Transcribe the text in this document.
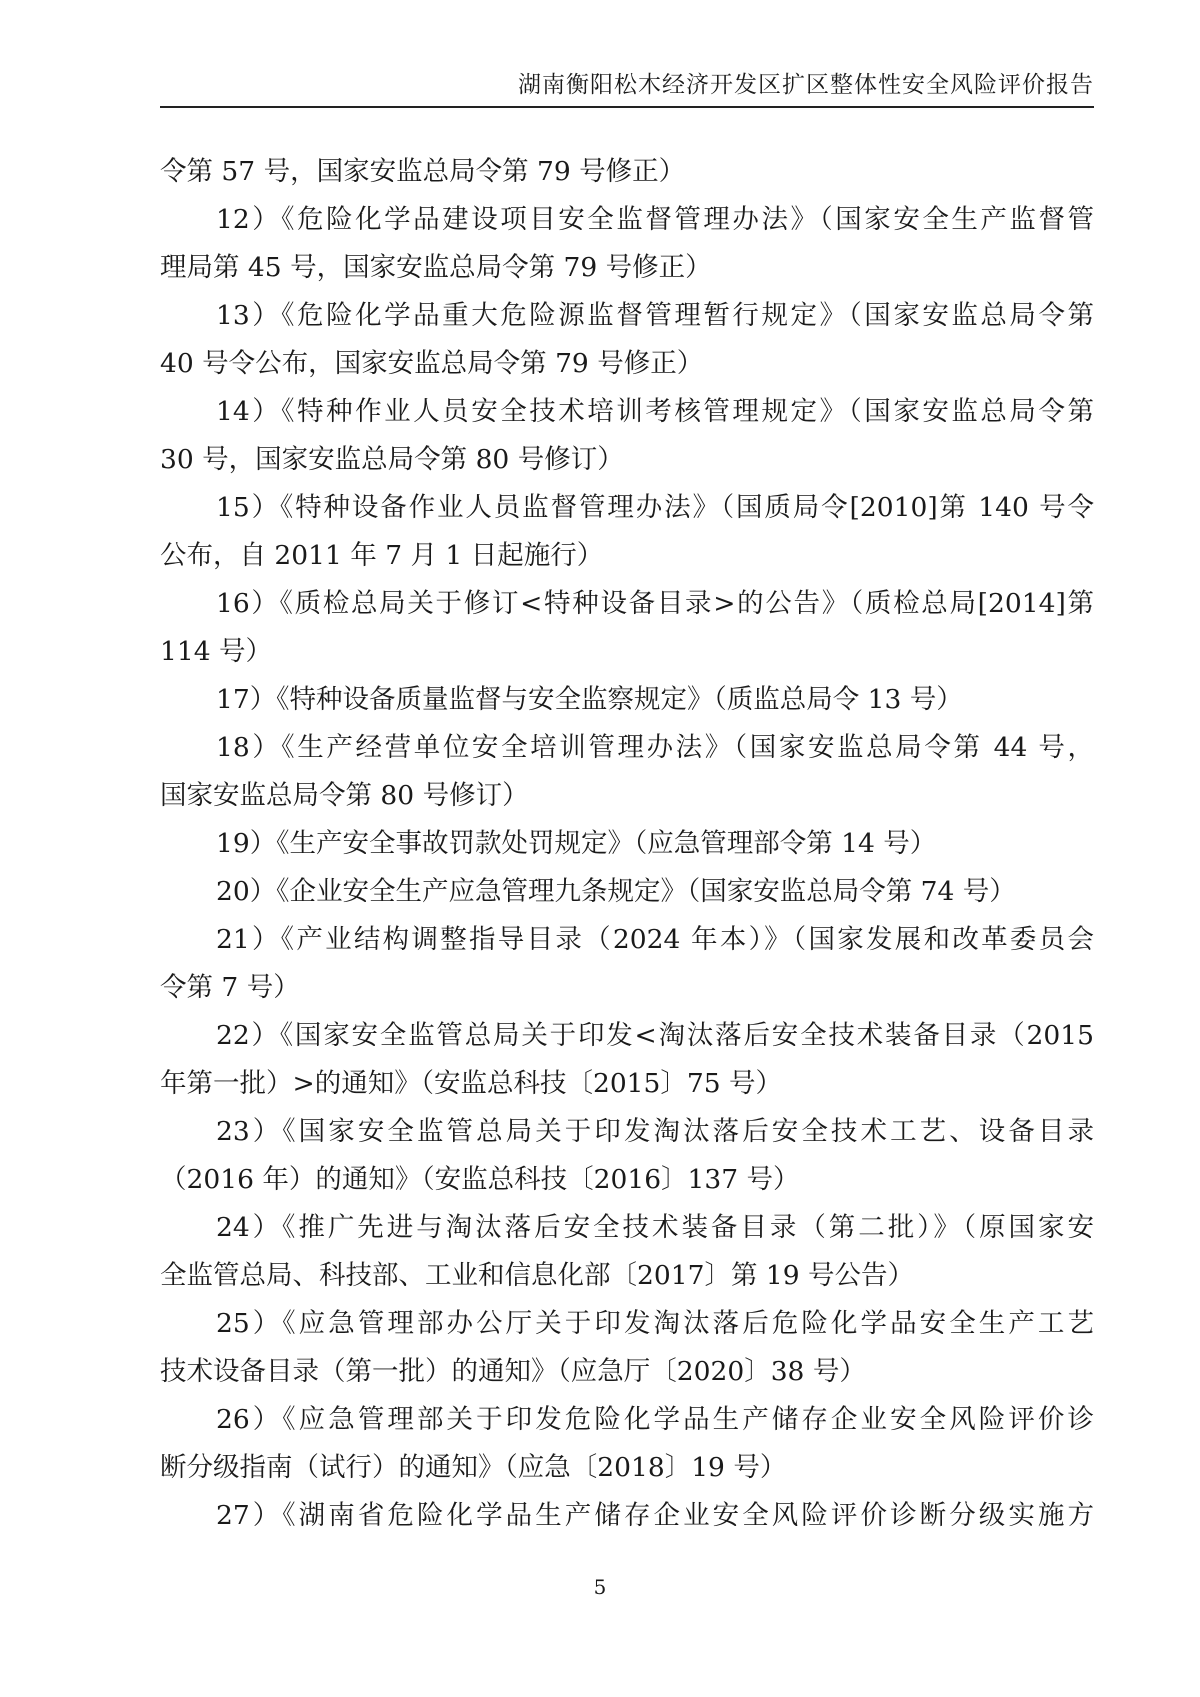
湖南衡阳松木经济开发区扩区整体性安全风险评价报告
令第 57 号，国家安监总局令第 79 号修正）
12）《危险化学品建设项目安全监督管理办法》（国家安全生产监督管
理局第 45 号，国家安监总局令第 79 号修正）
13）《危险化学品重大危险源监督管理暂行规定》（国家安监总局令第
40 号令公布，国家安监总局令第 79 号修正）
14）《特种作业人员安全技术培训考核管理规定》（国家安监总局令第
30 号，国家安监总局令第 80 号修订）
15）《特种设备作业人员监督管理办法》（国质局令[2010]第 140 号令
公布，自 2011 年 7 月 1 日起施行）
16）《质检总局关于修订<特种设备目录>的公告》（质检总局[2014]第
114 号）
17）《特种设备质量监督与安全监察规定》（质监总局令 13 号）
18）《生产经营单位安全培训管理办法》（国家安监总局令第 44 号，
国家安监总局令第 80 号修订）
19）《生产安全事故罚款处罚规定》（应急管理部令第 14 号）
20）《企业安全生产应急管理九条规定》（国家安监总局令第 74 号）
21）《产业结构调整指导目录（2024 年本）》（国家发展和改革委员会
令第 7 号）
22）《国家安全监管总局关于印发<淘汰落后安全技术装备目录（2015
年第一批）>的通知》（安监总科技〔2015〕75 号）
23）《国家安全监管总局关于印发淘汰落后安全技术工艺、设备目录
（2016 年）的通知》（安监总科技〔2016〕137 号）
24）《推广先进与淘汰落后安全技术装备目录（第二批）》（原国家安
全监管总局、科技部、工业和信息化部〔2017〕第 19 号公告）
25）《应急管理部办公厅关于印发淘汰落后危险化学品安全生产工艺
技术设备目录（第一批）的通知》（应急厅〔2020〕38 号）
26）《应急管理部关于印发危险化学品生产储存企业安全风险评价诊
断分级指南（试行）的通知》（应急〔2018〕19 号）
27）《湖南省危险化学品生产储存企业安全风险评价诊断分级实施方
5
